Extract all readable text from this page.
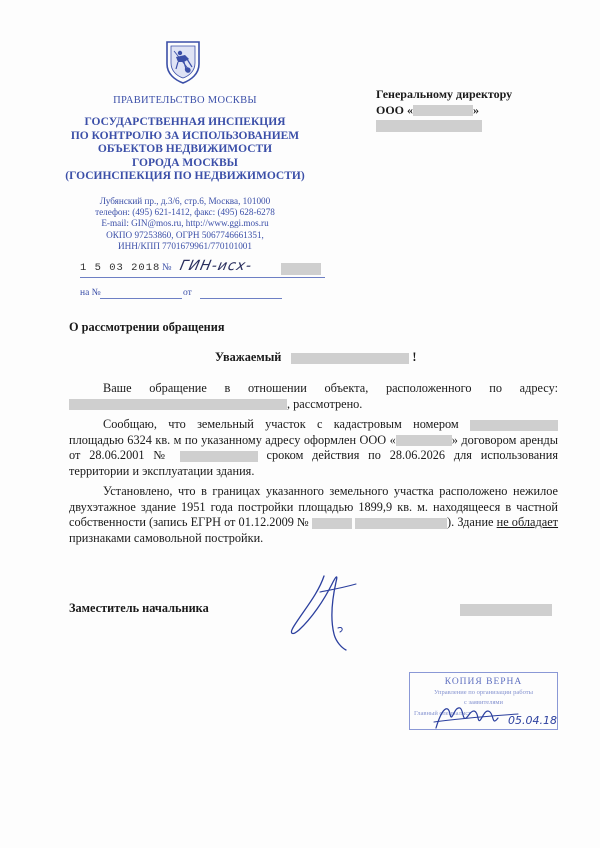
ПРАВИТЕЛЬСТВО МОСКВЫ
ГОСУДАРСТВЕННАЯ ИНСПЕКЦИЯ
ПО КОНТРОЛЮ ЗА ИСПОЛЬЗОВАНИЕМ
ОБЪЕКТОВ НЕДВИЖИМОСТИ
ГОРОДА МОСКВЫ
(ГОСИНСПЕКЦИЯ ПО НЕДВИЖИМОСТИ)
Лубянский пр., д.3/6, стр.6, Москва, 101000
телефон: (495) 621-1412, факс: (495) 628-6278
E-mail: GIN@mos.ru, http://www.ggi.mos.ru
ОКПО 97253860, ОГРН 5067746661351,
ИНН/КПП 7701679961/770101001
1 5 03 2018 № ГИН-исх-
на №	от
Генеральному директору
ООО «	»
О рассмотрении обращения
Уважаемый	!
Ваше обращение в отношении объекта, расположенного по адресу: , рассмотрено.
Сообщаю, что земельный участок с кадастровым номером  площадью 6324 кв. м по указанному адресу оформлен ООО «	» договором аренды от 28.06.2001 №	сроком действия по 28.06.2026 для использования территории и эксплуатации здания.
Установлено, что в границах указанного земельного участка расположено нежилое двухэтажное здание 1951 года постройки площадью 1899,9 кв. м. находящееся в частной собственности (запись ЕГРН от 01.12.2009 №	). Здание не обладает признаками самовольной постройки.
Заместитель начальника
КОПИЯ ВЕРНА
Управление по организации работы
с заявителями
Главный специалист
05.04.18
